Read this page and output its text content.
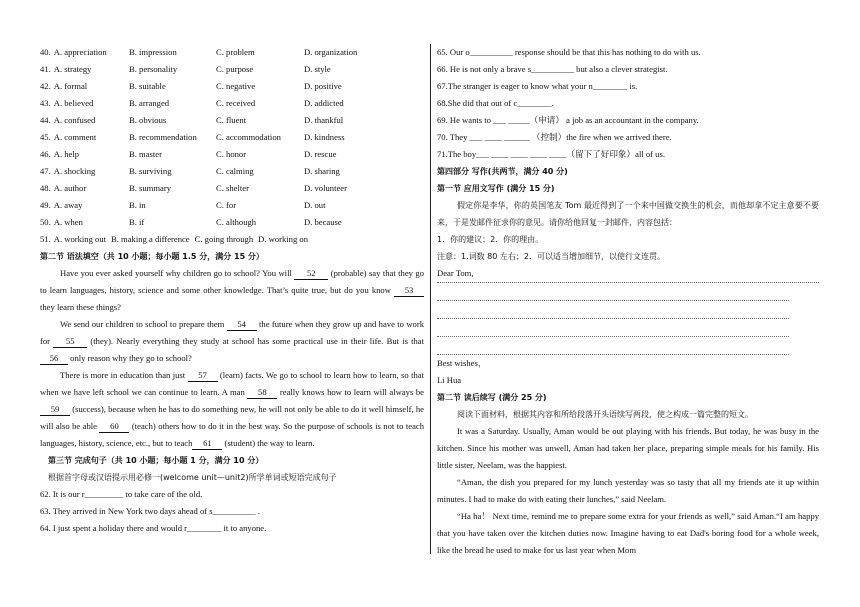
40. A. appreciation	B. impression	C. problem	D. organization
41. A. strategy	B. personality	C. purpose	D. style
42. A. formal	B. suitable	C. negative	D. positive
43. A. believed	B. arranged	C. received	D. addicted
44. A. confused	B. obvious	C. fluent	D. thankful
45. A. comment	B. recommendation C. accommodation	D. kindness
46. A. help	B. master	C. honor	D. rescue
47. A. shocking	B. surviving	C. calming	D. sharing
48. A. author	B. summary	C. shelter	D. volunteer
49. A. away	B. in	C. for	D. out
50. A. when	B. if	C. although	D. because
51. A. working out B. making a difference C. going through D. working on
第二节 语法填空（共 10 小题；每小题 1.5 分，满分 15 分）
Have you ever asked yourself why children go to school? You will 52 (probable) say that they go to learn languages, history, science and some other knowledge. That’s quite true, but do you know 53 they learn these things?
We send our children to school to prepare them 54 the future when they grow up and have to work for 55 (they). Nearly everything they study at school has some practical use in their life. But is that 56 only reason why they go to school?
There is more in education than just 57 (learn) facts. We go to school to learn how to learn, so that when we have left school we can continue to learn. A man 58 really knows how to learn will always be 59 (success), because when he has to do something new, he will not only be able to do it well himself, he will also be able 60 (teach) others how to do it in the best way. So the purpose of schools is not to teach languages, history, science, etc., but to teach 61 (student) the way to learn.
第三节 完成句子（共 10 小题；每小题 1 分，满分 10 分）
根据首字母或汉语提示用必修一(welcome unit—unit2)所学单词或短语完成句子
62. It is our r_________ to take care of the old.
63. They arrived in New York two days ahead of s__________ .
64. I just spent a holiday there and would r________ it to anyone.
65. Our o__________ response should be that this has nothing to do with us.
66. He is not only a brave s__________ but also a clever strategist.
67.The stranger is eager to know what your n________ is.
68.She did that out of c________.
69. He wants to ___ _____（申请） a job as an accountant in the company.
70. They ___ ____ ______ （控制）the fire when we arrived there.
71.The boy___ ____ ____ ____ ____（留下了好印象）all of us.
第四部分 写作(共两节，满分 40 分)
第一节 应用文写作 (满分 15 分)
假定你是李华，你的英国笔友 Tom 最近得到了一个来中国做交换生的机会，而他却拿不定主意要不要来，于是发邮件征求你的意见。请你给他回复一封邮件，内容包括：
1．你的建议；2．你的理由。
注意：1.词数 80 左右；2．可以适当增加细节，以使行文连贯。
Dear Tom,
Best wishes，
Li Hua
第二节 读后续写 (满分 25 分)
阅读下面材料，根据其内容和所给段落开头语续写两段，使之构成一篇完整的短文。
It was a Saturday. Usually, Aman would be out playing with his friends. But today, he was busy in the kitchen. Since his mother was unwell, Aman had taken her place, preparing simple meals for his family. His little sister, Neelam, was the happiest.
“Aman, the dish you prepared for my lunch yesterday was so tasty that all my friends ate it up within minutes. I had to make do with eating their lunches,” said Neelam.
“Ha ha！ Next time, remind me to prepare some extra for your friends as well,” said Aman.“I am happy that you have taken over the kitchen duties now. Imagine having to eat Dad's boring food for a whole week, like the bread he used to make for us last year when Mom
